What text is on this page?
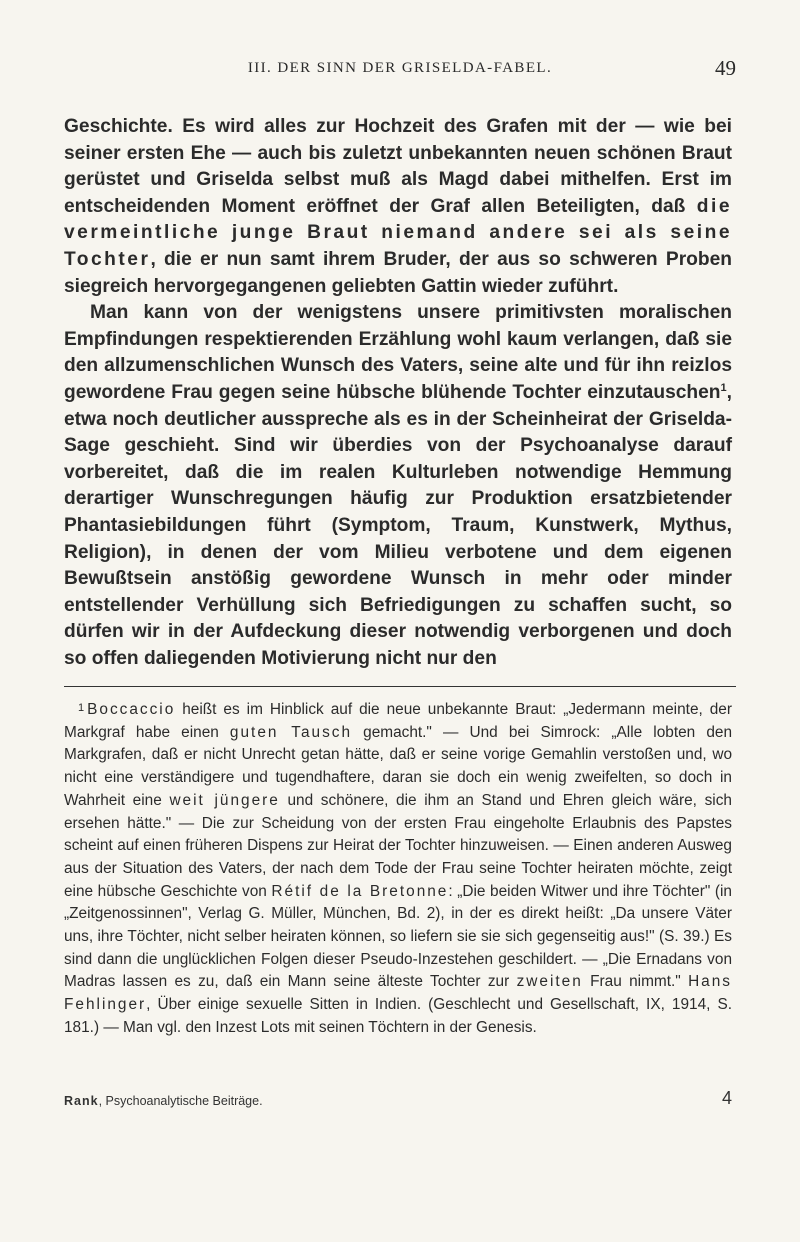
III. DER SINN DER GRISELDA-FABEL.	49
Geschichte. Es wird alles zur Hochzeit des Grafen mit der — wie bei seiner ersten Ehe — auch bis zuletzt unbekannten neuen schönen Braut gerüstet und Griselda selbst muß als Magd dabei mithelfen. Erst im entscheidenden Moment eröffnet der Graf allen Beteiligten, daß die vermeintliche junge Braut niemand andere sei als seine Tochter, die er nun samt ihrem Bruder, der aus so schweren Proben siegreich hervorgegangenen geliebten Gattin wieder zuführt.
Man kann von der wenigstens unsere primitivsten moralischen Empfindungen respektierenden Erzählung wohl kaum verlangen, daß sie den allzumenschlichen Wunsch des Vaters, seine alte und für ihn reizlos gewordene Frau gegen seine hübsche blühende Tochter einzutauschen$^1$, etwa noch deutlicher ausspreche als es in der Scheinheirat der Griselda-Sage geschieht. Sind wir überdies von der Psychoanalyse darauf vorbereitet, daß die im realen Kulturleben notwendige Hemmung derartiger Wunschregungen häufig zur Produktion ersatzbietender Phantasiebildungen führt (Symptom, Traum, Kunstwerk, Mythus, Religion), in denen der vom Milieu verbotene und dem eigenen Bewußtsein anstößig gewordene Wunsch in mehr oder minder entstellender Verhüllung sich Befriedigungen zu schaffen sucht, so dürfen wir in der Aufdeckung dieser notwendig verborgenen und doch so offen daliegenden Motivierung nicht nur den
1 Boccaccio heißt es im Hinblick auf die neue unbekannte Braut: „Jedermann meinte, der Markgraf habe einen guten Tausch gemacht." — Und bei Simrock: „Alle lobten den Markgrafen, daß er nicht Unrecht getan hätte, daß er seine vorige Gemahlin verstoßen und, wo nicht eine verständigere und tugendhaftere, daran sie doch ein wenig zweifelten, so doch in Wahrheit eine weit jüngere und schönere, die ihm an Stand und Ehren gleich wäre, sich ersehen hätte." — Die zur Scheidung von der ersten Frau eingeholte Erlaubnis des Papstes scheint auf einen früheren Dispens zur Heirat der Tochter hinzuweisen. — Einen anderen Ausweg aus der Situation des Vaters, der nach dem Tode der Frau seine Tochter heiraten möchte, zeigt eine hübsche Geschichte von Rétif de la Bretonne: „Die beiden Witwer und ihre Töchter" (in „Zeitgenossinnen", Verlag G. Müller, München, Bd. 2), in der es direkt heißt: „Da unsere Väter uns, ihre Töchter, nicht selber heiraten können, so liefern sie sie sich gegenseitig aus!" (S. 39.) Es sind dann die unglücklichen Folgen dieser Pseudo-Inzestehen geschildert. — „Die Ernadans von Madras lassen es zu, daß ein Mann seine älteste Tochter zur zweiten Frau nimmt." Hans Fehlinger, Über einige sexuelle Sitten in Indien. (Geschlecht und Gesellschaft, IX, 1914, S. 181.) — Man vgl. den Inzest Lots mit seinen Töchtern in der Genesis.
Rank, Psychoanalytische Beiträge.	4
